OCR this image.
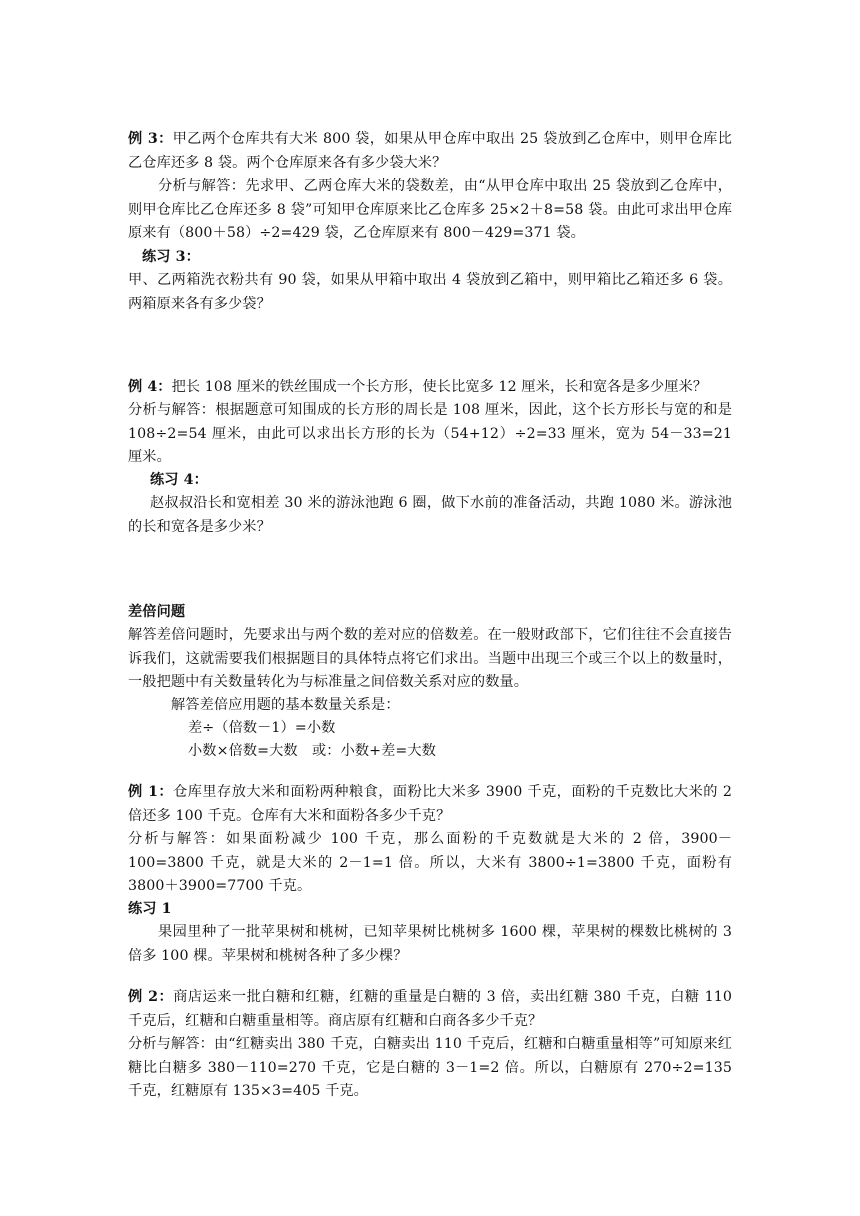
例 3：甲乙两个仓库共有大米 800 袋，如果从甲仓库中取出 25 袋放到乙仓库中，则甲仓库比乙仓库还多 8 袋。两个仓库原来各有多少袋大米？

分析与解答：先求甲、乙两仓库大米的袋数差，由“从甲仓库中取出 25 袋放到乙仓库中，则甲仓库比乙仓库还多 8 袋”可知甲仓库原来比乙仓库多 25×2＋8=58 袋。由此可求出甲仓库原来有（800＋58）÷2=429 袋，乙仓库原来有 800－429=371 袋。

练习 3：

甲、乙两箱洗衣粉共有 90 袋，如果从甲箱中取出 4 袋放到乙箱中，则甲箱比乙箱还多 6 袋。两箱原来各有多少袋？

例 4：把长 108 厘米的铁丝围成一个长方形，使长比宽多 12 厘米，长和宽各是多少厘米？

分析与解答：根据题意可知围成的长方形的周长是 108 厘米，因此，这个长方形长与宽的和是 108÷2=54 厘米，由此可以求出长方形的长为（54+12）÷2=33 厘米，宽为 54－33=21 厘米。

练习 4：

赵叔叔沿长和宽相差 30 米的游泳池跑 6 圈，做下水前的准备活动，共跑 1080 米。游泳池的长和宽各是多少米？

差倍问题

解答差倍问题时，先要求出与两个数的差对应的倍数差。在一般财政部下，它们往往不会直接告诉我们，这就需要我们根据题目的具体特点将它们求出。当题中出现三个或三个以上的数量时，一般把题中有关数量转化为与标准量之间倍数关系对应的数量。

解答差倍应用题的基本数量关系是：

差÷（倍数－1）=小数

小数×倍数=大数　或：小数+差=大数

例 1：仓库里存放大米和面粉两种粮食，面粉比大米多 3900 千克，面粉的千克数比大米的 2 倍还多 100 千克。仓库有大米和面粉各多少千克？

分析与解答：如果面粉减少 100 千克，那么面粉的千克数就是大米的 2 倍，3900－100=3800 千克，就是大米的 2－1=1 倍。所以，大米有 3800÷1=3800 千克，面粉有 3800＋3900=7700 千克。

练习 1

果园里种了一批苹果树和桃树，已知苹果树比桃树多 1600 棵，苹果树的棵数比桃树的 3 倍多 100 棵。苹果树和桃树各种了多少棵？

例 2：商店运来一批白糖和红糖，红糖的重量是白糖的 3 倍，卖出红糖 380 千克，白糖 110 千克后，红糖和白糖重量相等。商店原有红糖和白商各多少千克？

分析与解答：由“红糖卖出 380 千克，白糖卖出 110 千克后，红糖和白糖重量相等”可知原来红糖比白糖多 380－110=270 千克，它是白糖的 3－1=2 倍。所以，白糖原有 270÷2=135 千克，红糖原有 135×3=405 千克。
